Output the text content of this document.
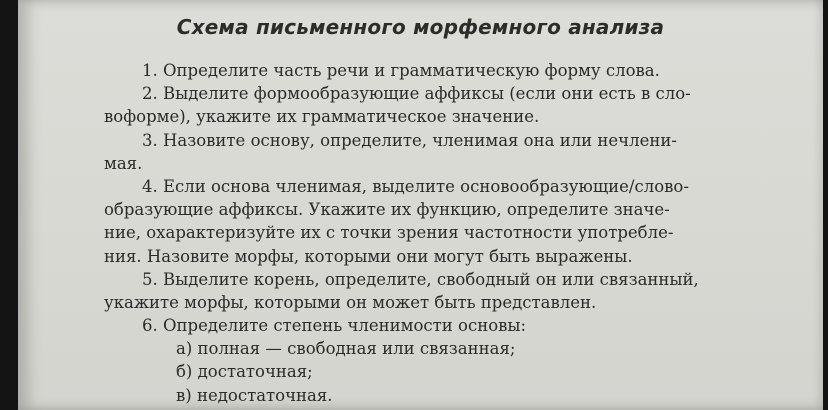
Схема письменного морфемного анализа
1. Определите часть речи и грамматическую форму слова.
2. Выделите формообразующие аффиксы (если они есть в сло-
воформе), укажите их грамматическое значение.
3. Назовите основу, определите, членимая она или нечлени-
мая.
4. Если основа членимая, выделите основообразующие/слово-
образующие аффиксы. Укажите их функцию, определите значе-
ние, охарактеризуйте их с точки зрения частотности употребле-
ния. Назовите морфы, которыми они могут быть выражены.
5. Выделите корень, определите, свободный он или связанный,
укажите морфы, которыми он может быть представлен.
6. Определите степень членимости основы:
а) полная — свободная или связанная;
б) достаточная;
в) недостаточная.
